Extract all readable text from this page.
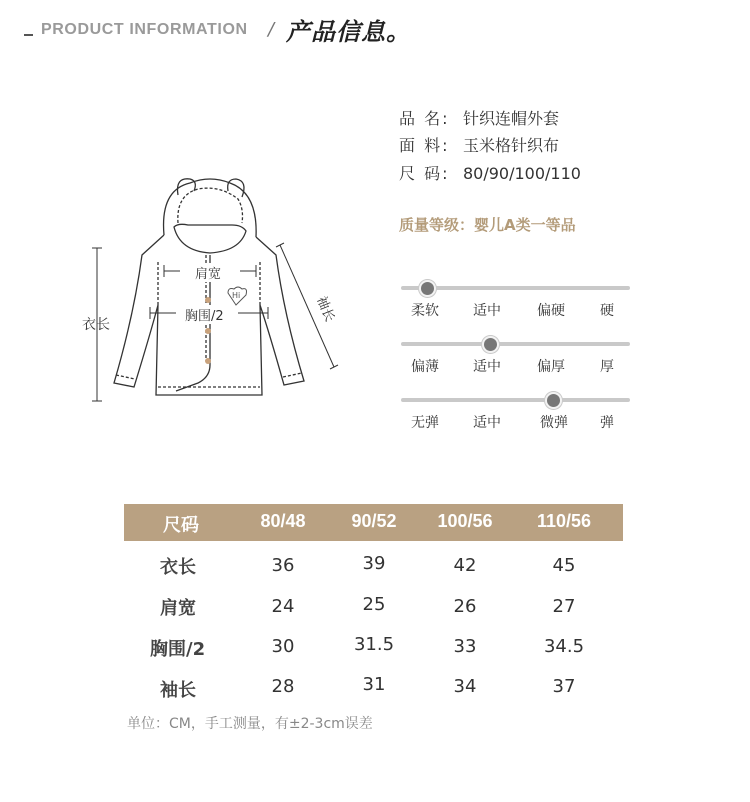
PRODUCT INFORMATION / 产品信息。
品 名: 针织连帽外套
面 料: 玉米格针织布
尺 码: 80/90/100/110
质量等级：婴儿A类一等品
Hi
肩宽
胸围/2
衣长
袖长	柔软 适中	偏硬	硬
偏薄 适中	偏厚	厚
无弹 适中	微弹 弹
尺码	80/48	90/52	100/56	110/56
衣长	36	39	42	45
肩宽	24	25	26	27
胸围/2	30	31.5	33	34.5
袖长	28	31	34	37
单位：CM，手工测量，有±2-3cm误差
